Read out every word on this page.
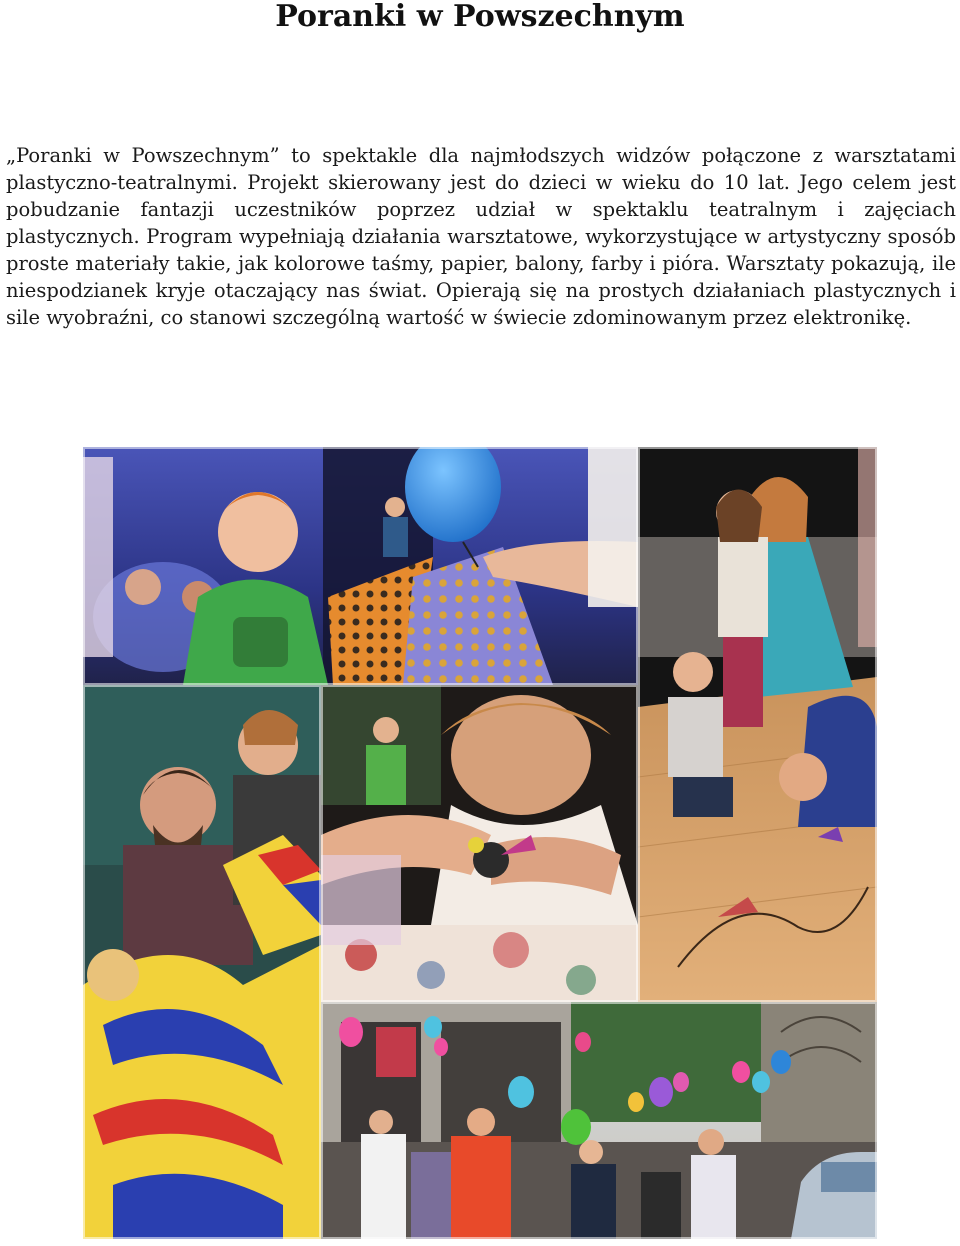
Poranki w Powszechnym

„Poranki w Powszechnym” to spektakle dla najmłodszych widzów połączone z warsztatami plastyczno-teatralnymi. Projekt skierowany jest do dzieci w wieku do 10 lat. Jego celem jest pobudzanie fantazji uczestników poprzez udział w spektaklu teatralnym i zajęciach plastycznych. Program wypełniają działania warsztatowe, wykorzystujące w artystyczny sposób proste materiały takie, jak kolorowe taśmy, papier, balony, farby i pióra. Warsztaty pokazują, ile niespodzianek kryje otaczający nas świat. Opierają się na prostych działaniach plastycznych i sile wyobraźni, co stanowi szczególną wartość w świecie zdominowanym przez elektronikę.
